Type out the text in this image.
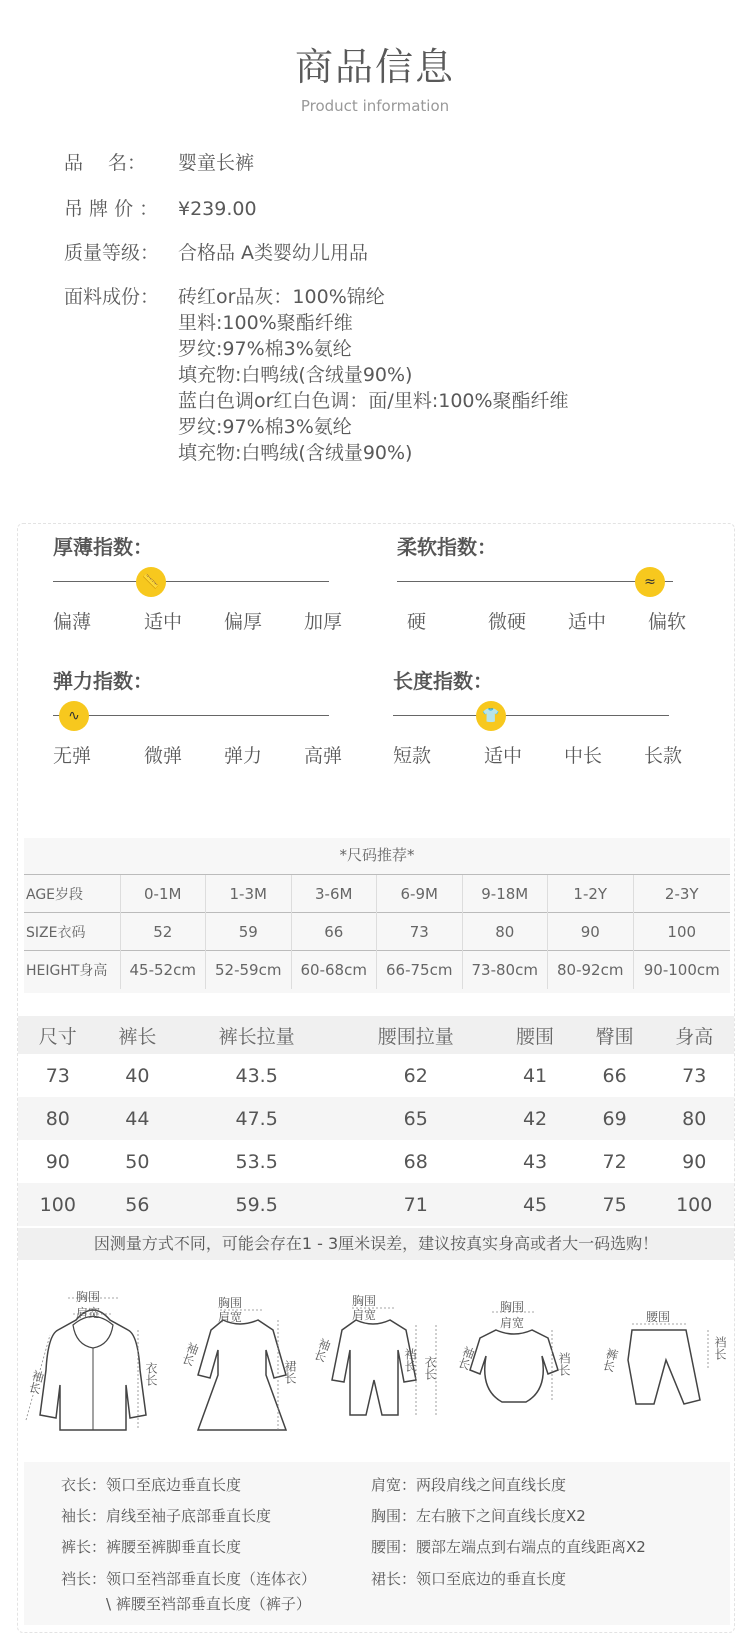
商品信息
Product information
品　 名：	婴童长裤
吊 牌 价 ：	¥239.00
质量等级： 合格品 A类婴幼儿用品
面料成份： 砖红or品灰：100%锦纶
里料:100%聚酯纤维
罗纹:97%棉3%氨纶
填充物:白鸭绒(含绒量90%)
蓝白色调or红白色调：面/里料:100%聚酯纤维
罗纹:97%棉3%氨纶
填充物:白鸭绒(含绒量90%)
厚薄指数：
📏
偏薄	适中	偏厚	加厚
柔软指数：
≈
硬	微硬	适中	偏软
弹力指数：
∿
无弹	微弹	弹力	高弹
长度指数：
👕
短款	适中	中长	长款
*尺码推荐*
AGE岁段	0-1M	1-3M	3-6M	6-9M	9-18M	1-2Y	2-3Y
SIZE衣码	52	59	66	73	80	90	100
HEIGHT身高	45-52cm	52-59cm	60-68cm	66-75cm	73-80cm	80-92cm	90-100cm
尺寸	裤长	裤长拉量	腰围拉量	腰围	臀围	身高
73	40	43.5	62	41	66	73
80	44	47.5	65	42	69	80
90	50	53.5	68	43	72	90
100	56	59.5	71	45	75	100
因测量方式不同，可能会存在1 - 3厘米误差，建议按真实身高或者大一码选购！
胸围
肩宽
袖长	衣长
胸围
肩宽
袖长
裙长
胸围
肩宽
袖长	裆长 衣长
胸围
肩宽
袖长	裆长
腰围
裤长	裆长
衣长：领口至底边垂直长度	肩宽：两段肩线之间直线长度
袖长：肩线至袖子底部垂直长度	胸围：左右腋下之间直线长度X2
裤长：裤腰至裤脚垂直长度	腰围：腰部左端点到右端点的直线距离X2
裆长：领口至裆部垂直长度（连体衣）	裙长：领口至底边的垂直长度
\ 裤腰至裆部垂直长度（裤子）
